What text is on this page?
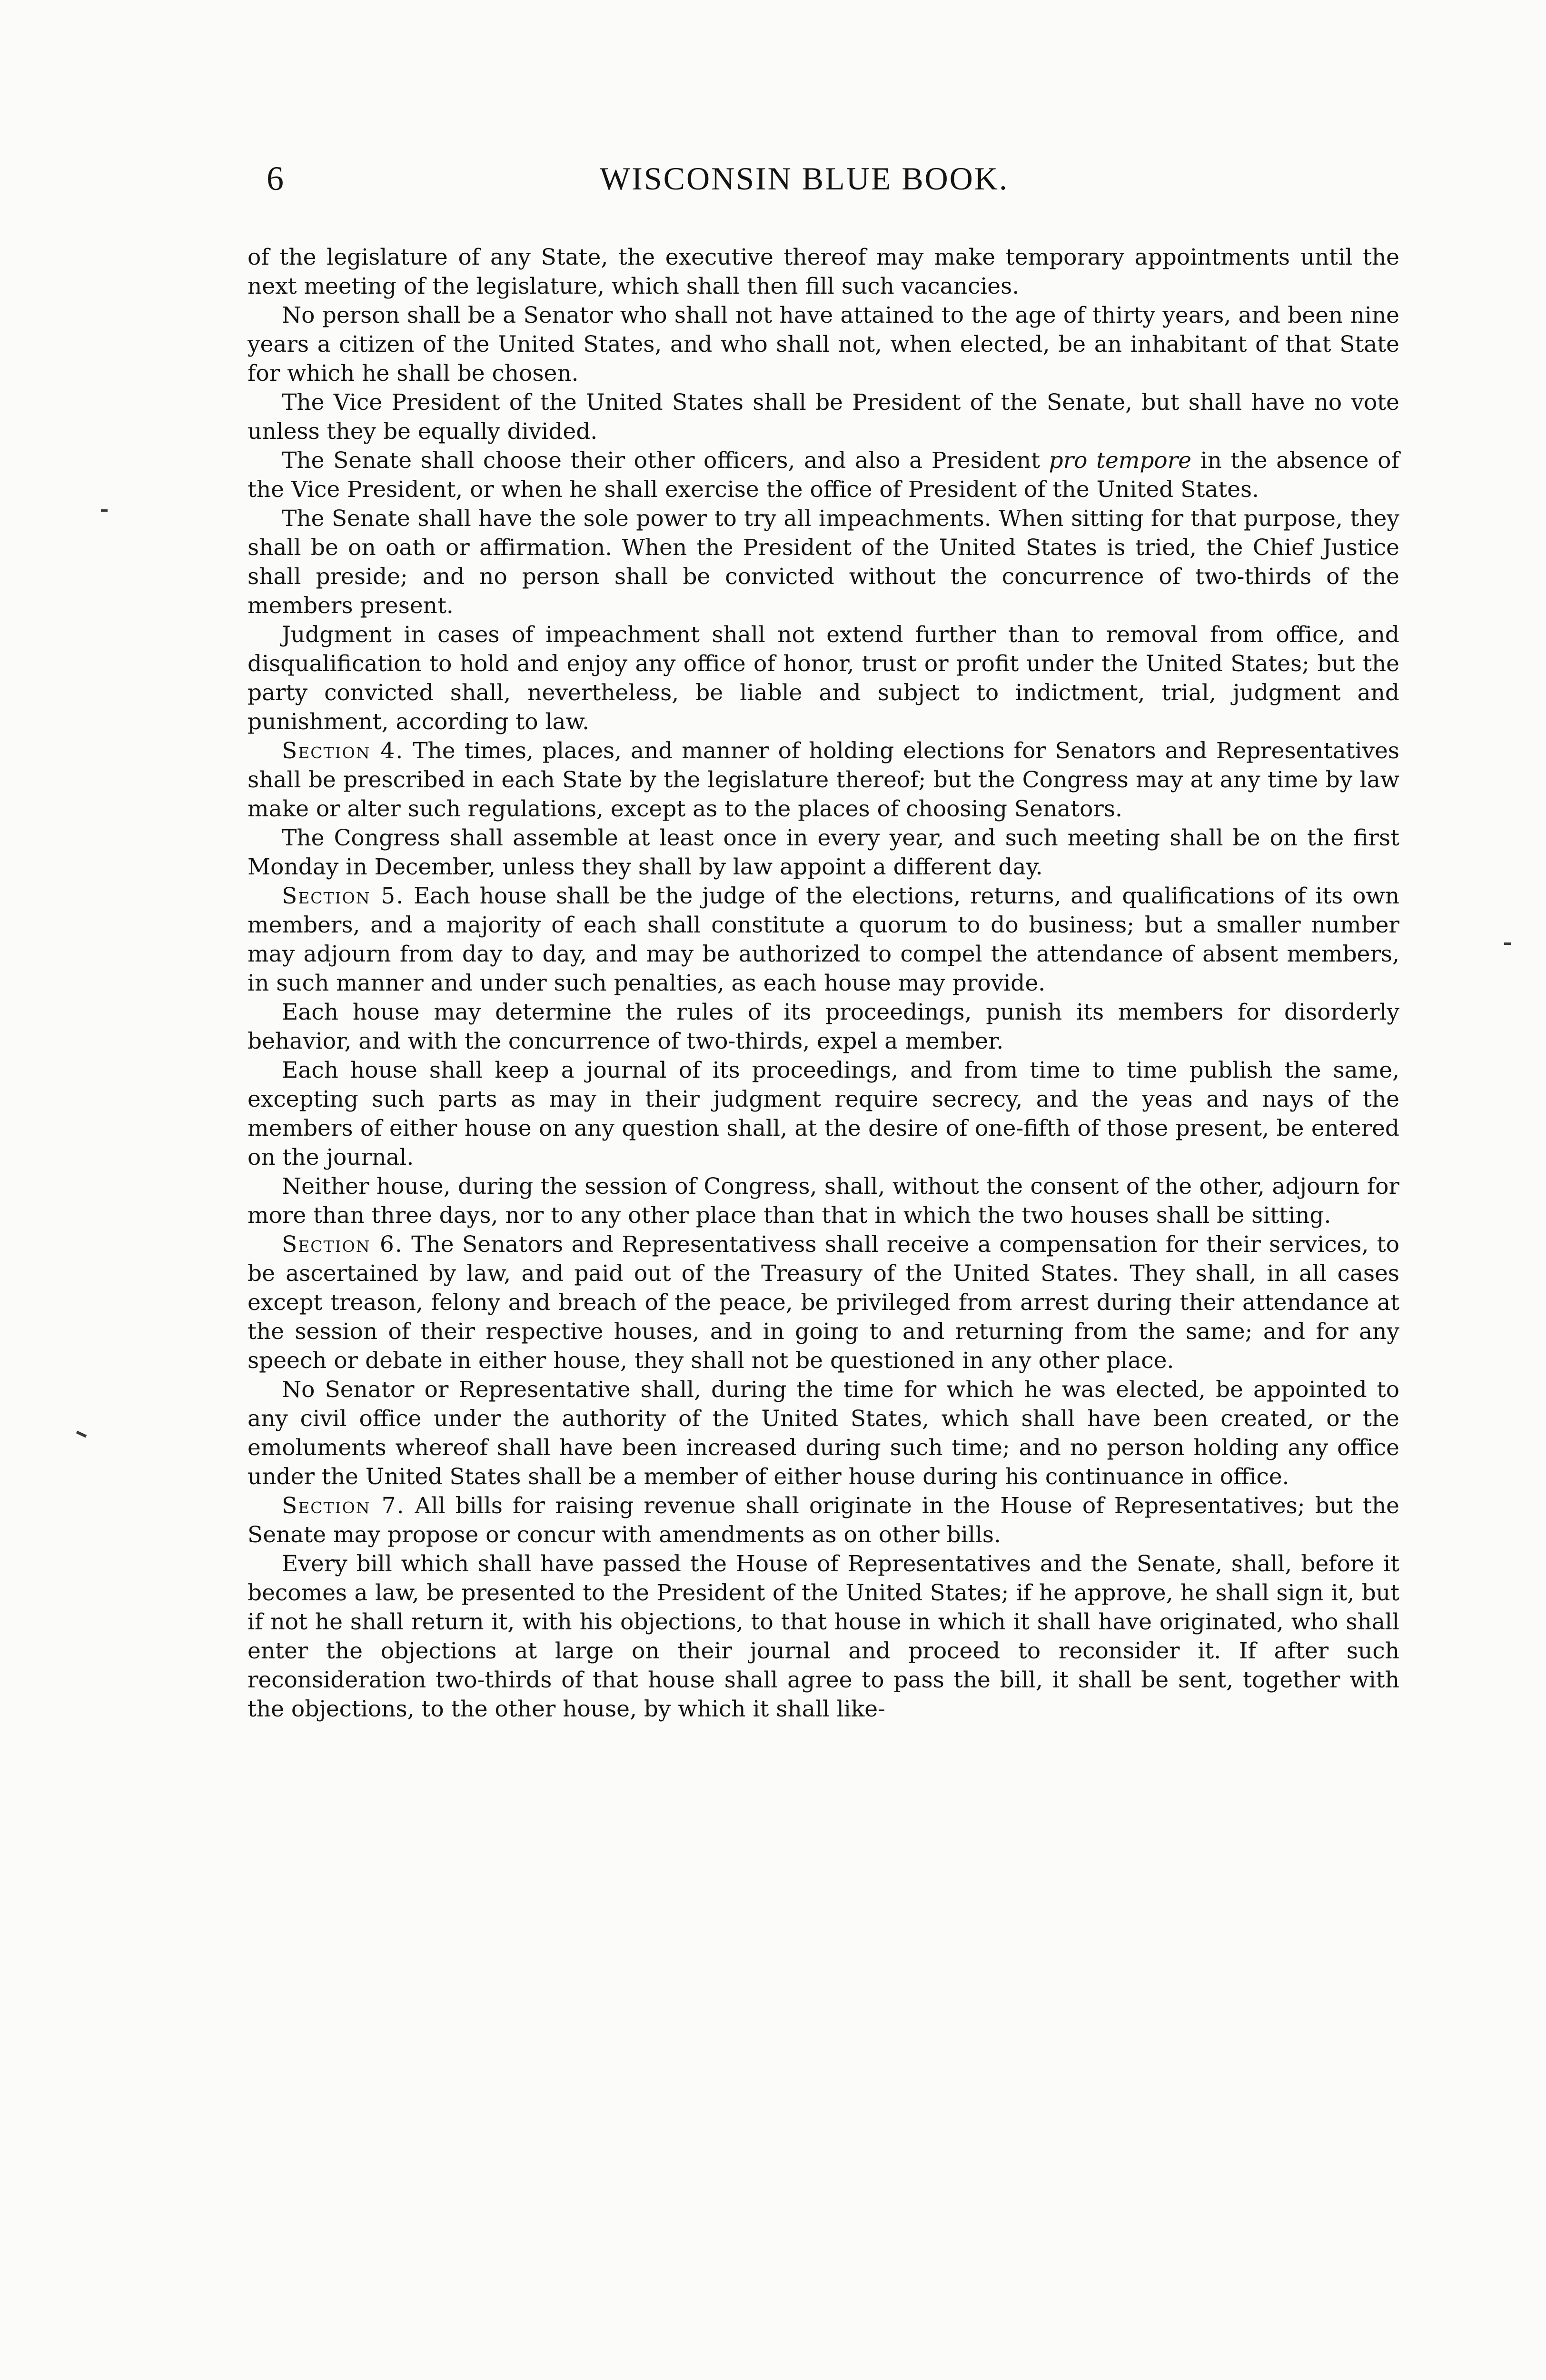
6	WISCONSIN BLUE BOOK.

of the legislature of any State, the executive thereof may make temporary appointments until the next meeting of the legislature, which shall then fill such vacancies.

No person shall be a Senator who shall not have attained to the age of thirty years, and been nine years a citizen of the United States, and who shall not, when elected, be an inhabitant of that State for which he shall be chosen.

The Vice President of the United States shall be President of the Senate, but shall have no vote unless they be equally divided.

The Senate shall choose their other officers, and also a President pro tempore in the absence of the Vice President, or when he shall exercise the office of President of the United States.

The Senate shall have the sole power to try all impeachments. When sitting for that purpose, they shall be on oath or affirmation. When the President of the United States is tried, the Chief Justice shall preside; and no person shall be convicted without the concurrence of two-thirds of the members present.

Judgment in cases of impeachment shall not extend further than to removal from office, and disqualification to hold and enjoy any office of honor, trust or profit under the United States; but the party convicted shall, nevertheless, be liable and subject to indictment, trial, judgment and punishment, according to law.

Section 4. The times, places, and manner of holding elections for Senators and Representatives shall be prescribed in each State by the legislature thereof; but the Congress may at any time by law make or alter such regulations, except as to the places of choosing Senators.

The Congress shall assemble at least once in every year, and such meeting shall be on the first Monday in December, unless they shall by law appoint a different day.

Section 5. Each house shall be the judge of the elections, returns, and qualifications of its own members, and a majority of each shall constitute a quorum to do business; but a smaller number may adjourn from day to day, and may be authorized to compel the attendance of absent members, in such manner and under such penalties, as each house may provide.

Each house may determine the rules of its proceedings, punish its members for disorderly behavior, and with the concurrence of two-thirds, expel a member.

Each house shall keep a journal of its proceedings, and from time to time publish the same, excepting such parts as may in their judgment require secrecy, and the yeas and nays of the members of either house on any question shall, at the desire of one-fifth of those present, be entered on the journal.

Neither house, during the session of Congress, shall, without the consent of the other, adjourn for more than three days, nor to any other place than that in which the two houses shall be sitting.

Section 6. The Senators and Representativess shall receive a compensation for their services, to be ascertained by law, and paid out of the Treasury of the United States. They shall, in all cases except treason, felony and breach of the peace, be privileged from arrest during their attendance at the session of their respective houses, and in going to and returning from the same; and for any speech or debate in either house, they shall not be questioned in any other place.

No Senator or Representative shall, during the time for which he was elected, be appointed to any civil office under the authority of the United States, which shall have been created, or the emoluments whereof shall have been increased during such time; and no person holding any office under the United States shall be a member of either house during his continuance in office.

Section 7. All bills for raising revenue shall originate in the House of Representatives; but the Senate may propose or concur with amendments as on other bills.

Every bill which shall have passed the House of Representatives and the Senate, shall, before it becomes a law, be presented to the President of the United States; if he approve, he shall sign it, but if not he shall return it, with his objections, to that house in which it shall have originated, who shall enter the objections at large on their journal and proceed to reconsider it. If after such reconsideration two-thirds of that house shall agree to pass the bill, it shall be sent, together with the objections, to the other house, by which it shall like-
